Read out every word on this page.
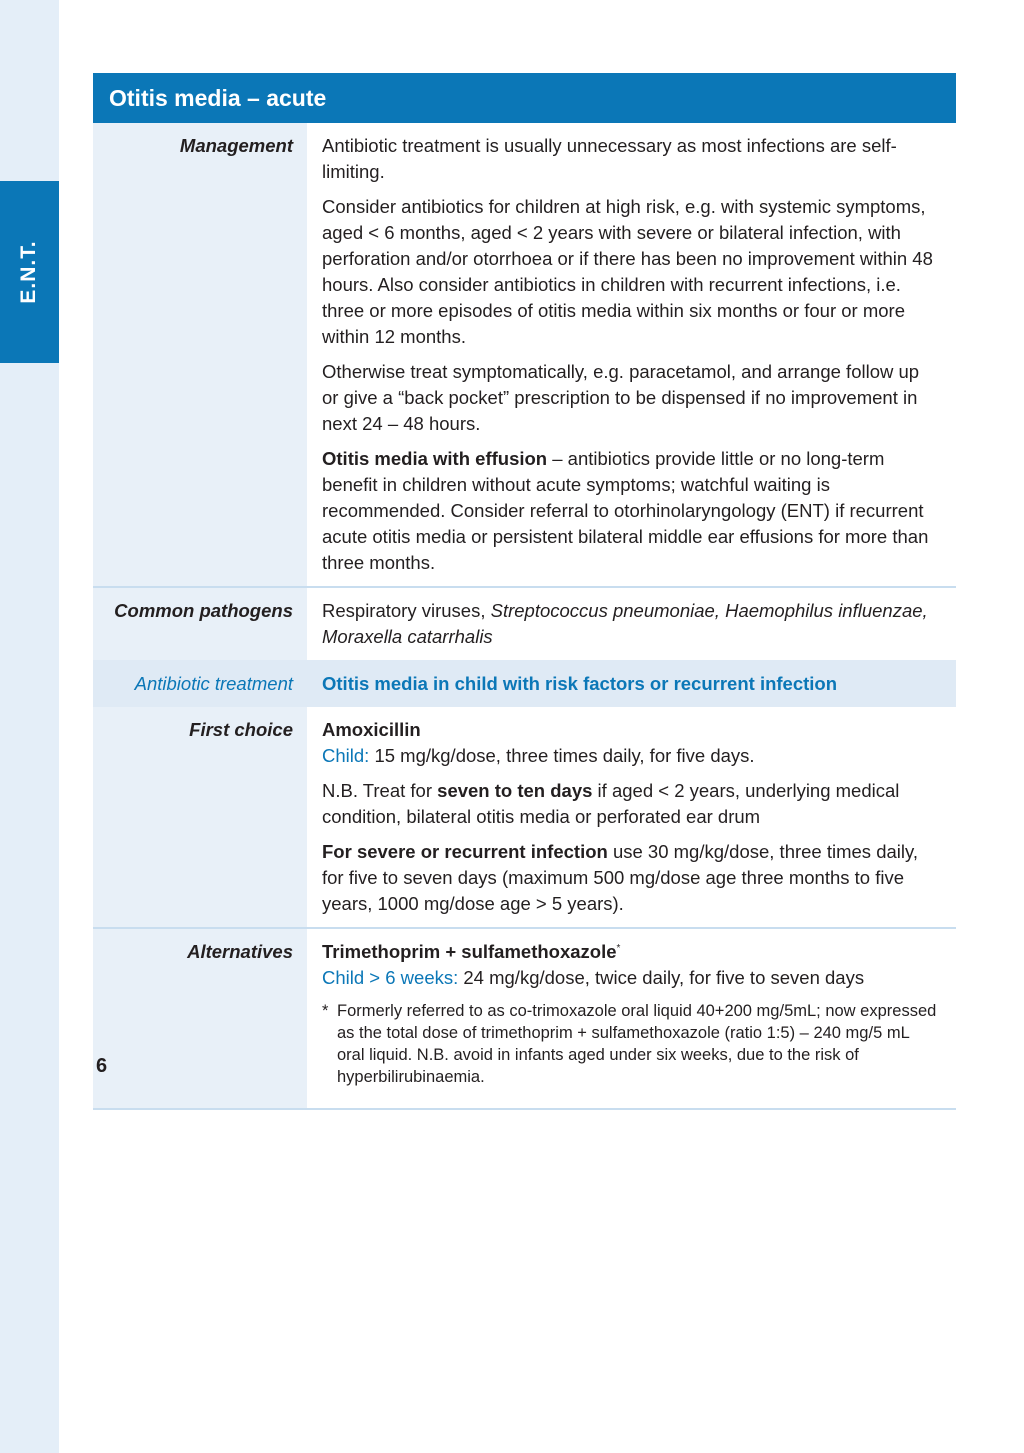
E.N.T.
Otitis media – acute
Management	Antibiotic treatment is usually unnecessary as most infections are self-limiting.

Consider antibiotics for children at high risk, e.g. with systemic symptoms, aged < 6 months, aged < 2 years with severe or bilateral infection, with perforation and/or otorrhoea or if there has been no improvement within 48 hours. Also consider antibiotics in children with recurrent infections, i.e. three or more episodes of otitis media within six months or four or more within 12 months.

Otherwise treat symptomatically, e.g. paracetamol, and arrange follow up or give a “back pocket” prescription to be dispensed if no improvement in next 24 – 48 hours.

Otitis media with effusion – antibiotics provide little or no long-term benefit in children without acute symptoms; watchful waiting is recommended. Consider referral to otorhinolaryngology (ENT) if recurrent acute otitis media or persistent bilateral middle ear effusions for more than three months.

Common pathogens	Respiratory viruses, Streptococcus pneumoniae, Haemophilus influenzae, Moraxella catarrhalis

Antibiotic treatment	Otitis media in child with risk factors or recurrent infection
First choice	Amoxicillin
Child: 15 mg/kg/dose, three times daily, for five days.

N.B. Treat for seven to ten days if aged < 2 years, underlying medical condition, bilateral otitis media or perforated ear drum

For severe or recurrent infection use 30 mg/kg/dose, three times daily, for five to seven days (maximum 500 mg/dose age three months to five years, 1000 mg/dose age > 5 years).

Alternatives	Trimethoprim + sulfamethoxazole*
Child > 6 weeks: 24 mg/kg/dose, twice daily, for five to seven days

* Formerly referred to as co-trimoxazole oral liquid 40+200 mg/5mL; now expressed as the total dose of trimethoprim + sulfamethoxazole (ratio 1:5) – 240 mg/5 mL oral liquid. N.B. avoid in infants aged under six weeks, due to the risk of hyperbilirubinaemia.
6
